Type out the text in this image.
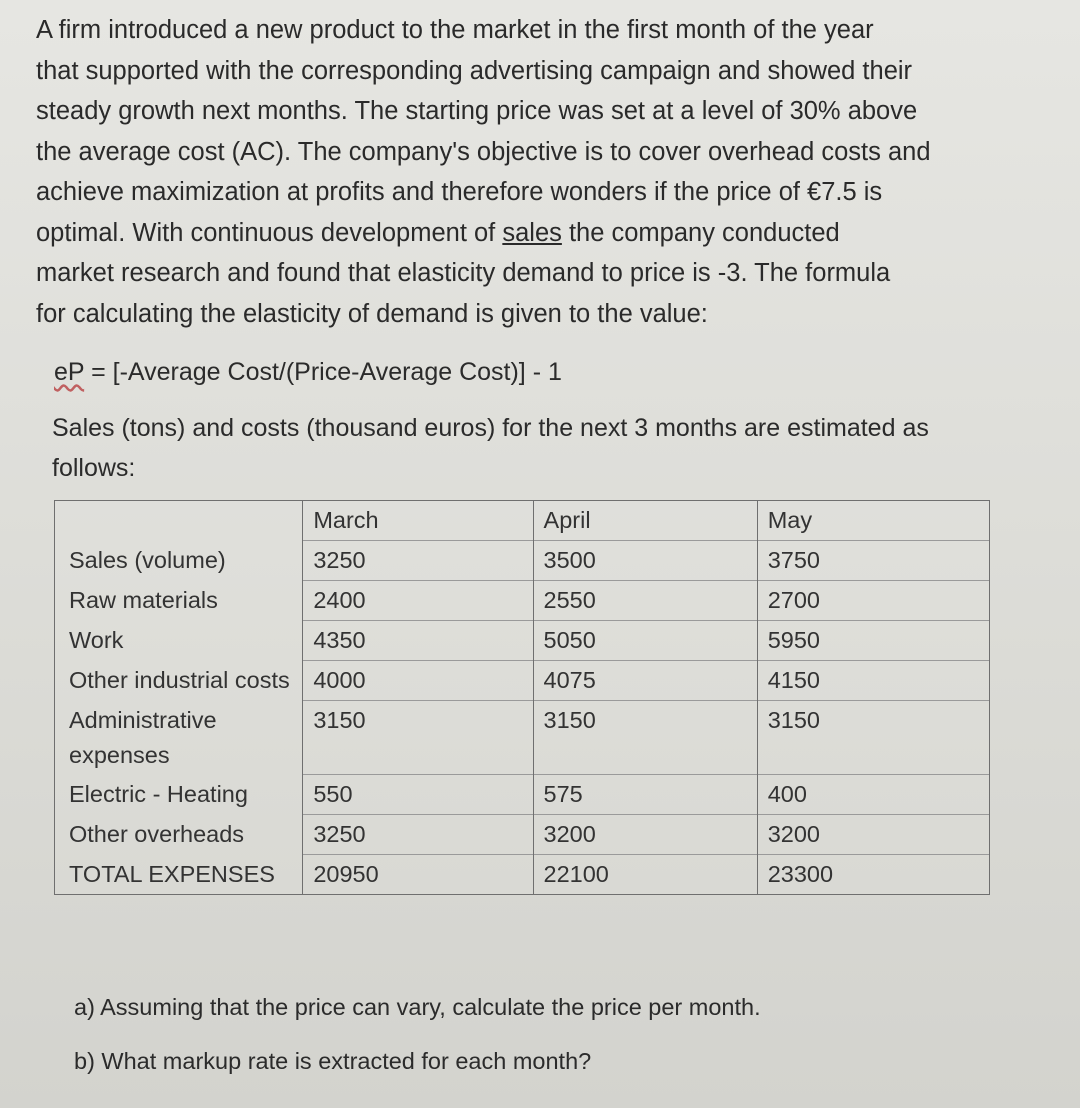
A firm introduced a new product to the market in the first month of the year
that supported with the corresponding advertising campaign and showed their
steady growth next months. The starting price was set at a level of 30% above
the average cost (AC). The company's objective is to cover overhead costs and
achieve maximization at profits and therefore wonders if the price of €7.5 is
optimal. With continuous development of sales the company conducted
market research and found that elasticity demand to price is -3. The formula
for calculating the elasticity of demand is given to the value:
eP = [-Average Cost/(Price-Average Cost)] - 1
Sales (tons) and costs (thousand euros) for the next 3 months are estimated as
follows:
	March	April	May
Sales (volume)	3250	3500	3750
Raw materials	2400	2550	2700
Work	4350	5050	5950
Other industrial costs	4000	4075	4150
Administrative expenses	3150	3150	3150
Electric - Heating	550	575	400
Other overheads	3250	3200	3200
TOTAL EXPENSES	20950	22100	23300
a) Assuming that the price can vary, calculate the price per month.
b) What markup rate is extracted for each month?
